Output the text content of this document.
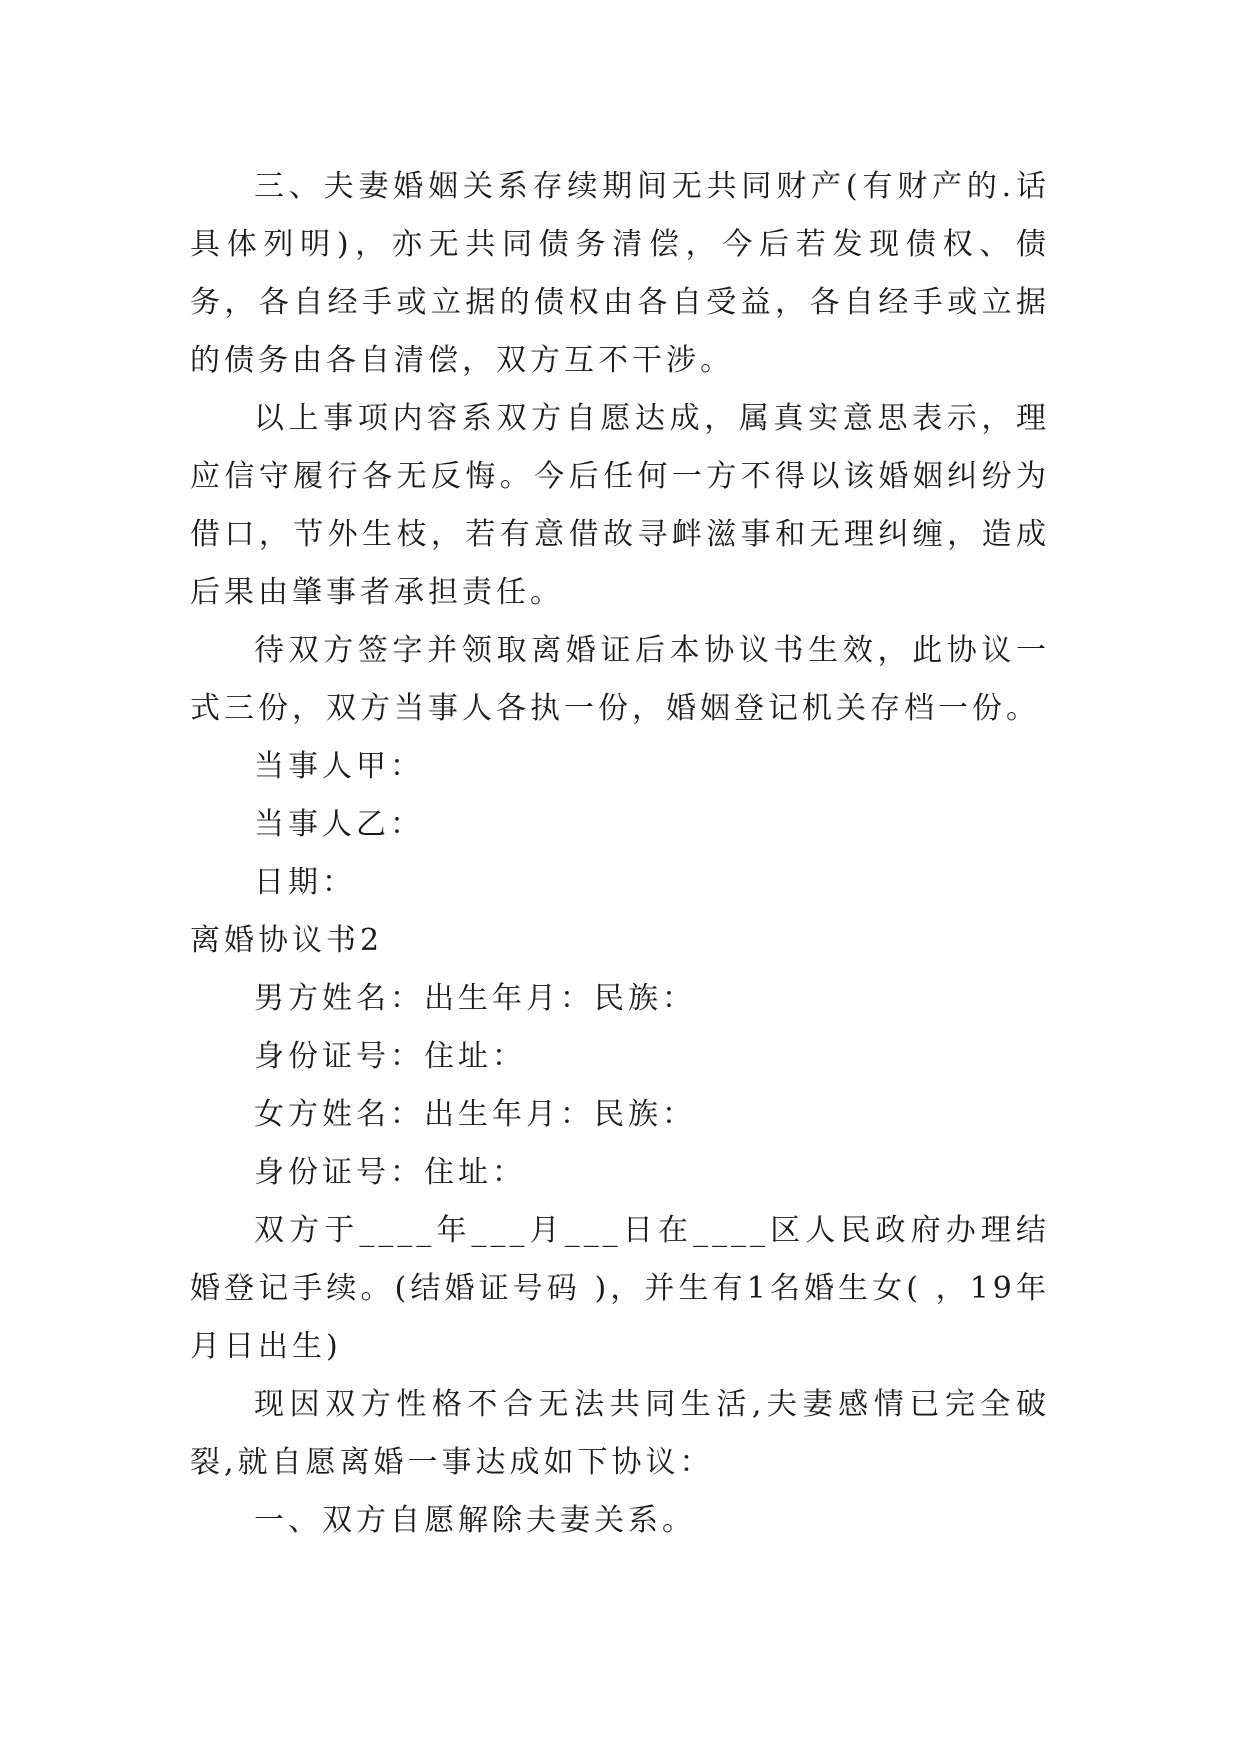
三、夫妻婚姻关系存续期间无共同财产(有财产的.话具体列明)，亦无共同债务清偿，今后若发现债权、债务，各自经手或立据的债权由各自受益，各自经手或立据的债务由各自清偿，双方互不干涉。

以上事项内容系双方自愿达成，属真实意思表示，理应信守履行各无反悔。今后任何一方不得以该婚姻纠纷为借口，节外生枝，若有意借故寻衅滋事和无理纠缠，造成后果由肇事者承担责任。

待双方签字并领取离婚证后本协议书生效，此协议一式三份，双方当事人各执一份，婚姻登记机关存档一份。

当事人甲：

当事人乙：

日期：

离婚协议书2

男方姓名：出生年月：民族：

身份证号：住址：

女方姓名：出生年月：民族：

身份证号：住址：

双方于____年___月___日在____区人民政府办理结婚登记手续。(结婚证号码 )，并生有1名婚生女( ，19年月日出生)

现因双方性格不合无法共同生活,夫妻感情已完全破裂,就自愿离婚一事达成如下协议：

一、双方自愿解除夫妻关系。
